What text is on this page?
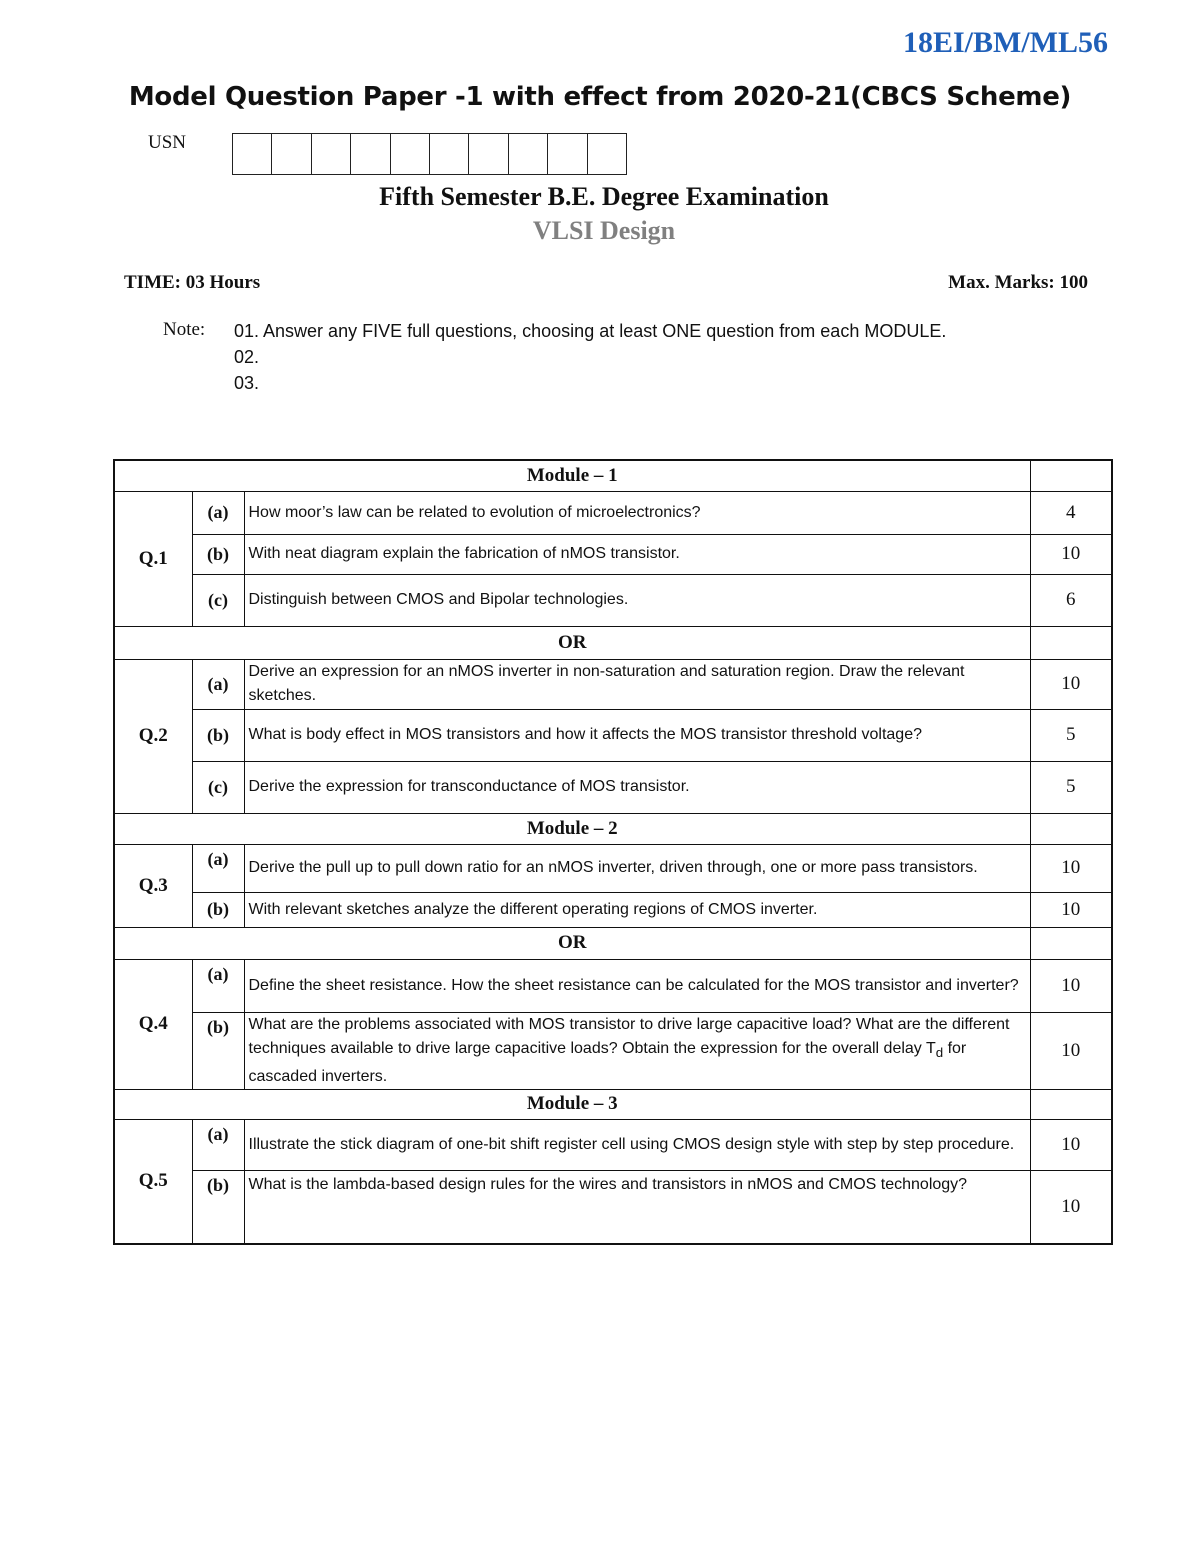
18EI/BM/ML56
Model Question Paper -1 with effect from 2020-21(CBCS Scheme)
USN
Fifth Semester B.E. Degree Examination
VLSI Design
TIME: 03 Hours	Max. Marks: 100
Note: 01. Answer any FIVE full questions, choosing at least ONE question from each MODULE.
02.
03.
Module – 1			
Q.1	(a)	How moor’s law can be related to evolution of microelectronics?	4
	(b)	With neat diagram explain the fabrication of nMOS transistor.	10
	(c)	Distinguish between CMOS and Bipolar technologies.	6
OR			
Q.2	(a)	Derive an expression for an nMOS inverter in non-saturation and saturation region. Draw the relevant sketches.	10
	(b)	What is body effect in MOS transistors and how it affects the MOS transistor threshold voltage?	5
	(c)	Derive the expression for transconductance of MOS transistor.	5
Module – 2			
Q.3	(a)	Derive the pull up to pull down ratio for an nMOS inverter, driven through, one or more pass transistors.	10
	(b)	With relevant sketches analyze the different operating regions of CMOS inverter.	10
OR			
Q.4	(a)	Define the sheet resistance. How the sheet resistance can be calculated for the MOS transistor and inverter?	10
	(b)	What are the problems associated with MOS transistor to drive large capacitive load? What are the different techniques available to drive large capacitive loads? Obtain the expression for the overall delay $T_d$ for cascaded inverters.	10
Module – 3			
Q.5	(a)	Illustrate the stick diagram of one-bit shift register cell using CMOS design style with step by step procedure.	10
	(b)	What is the lambda-based design rules for the wires and transistors in nMOS and CMOS technology?	10
